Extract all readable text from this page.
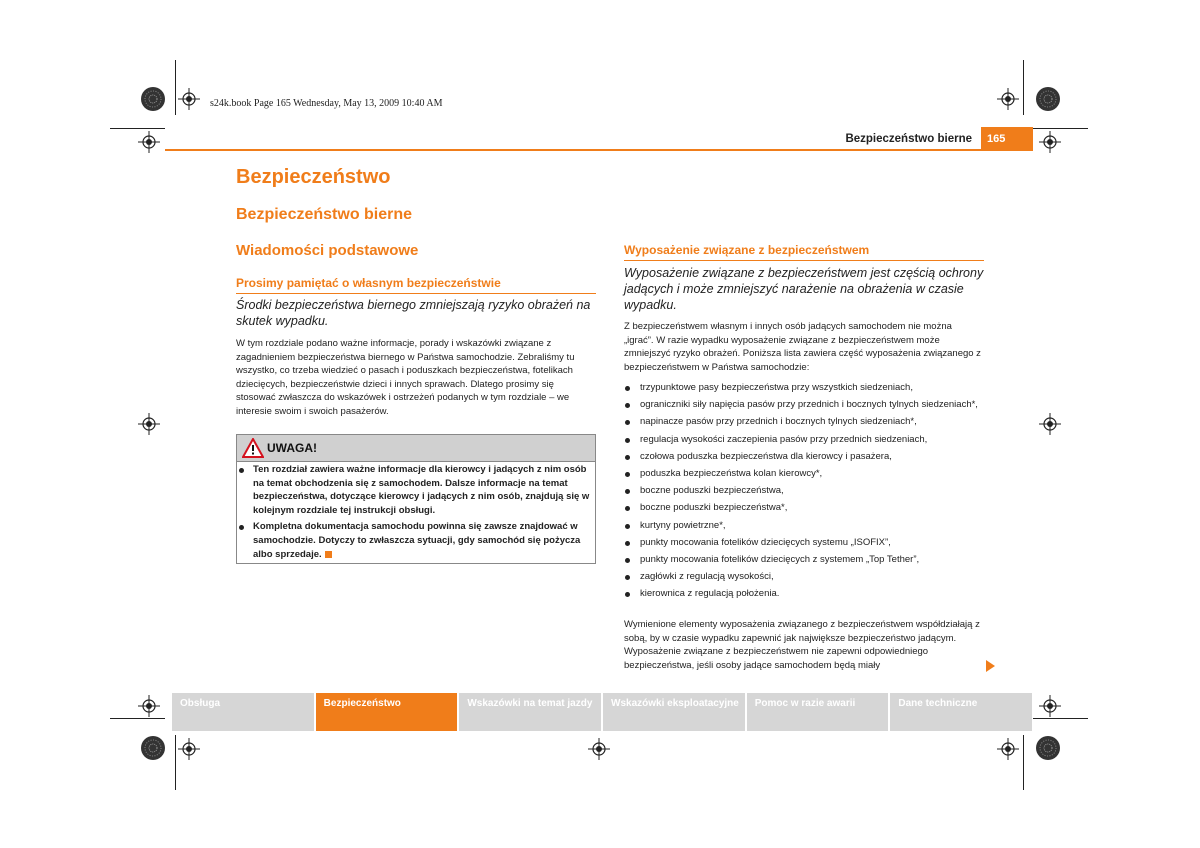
s24k.book Page 165 Wednesday, May 13, 2009 10:40 AM
Bezpieczeństwo bierne	165
Bezpieczeństwo
Bezpieczeństwo bierne
Wiadomości podstawowe
Prosimy pamiętać o własnym bezpieczeństwie
Środki bezpieczeństwa biernego zmniejszają ryzyko obrażeń na skutek wypadku.
W tym rozdziale podano ważne informacje, porady i wskazówki związane z zagadnieniem bezpieczeństwa biernego w Państwa samochodzie. Zebraliśmy tu wszystko, co trzeba wiedzieć o pasach i poduszkach bezpieczeństwa, fotelikach dziecięcych, bezpieczeństwie dzieci i innych sprawach. Dlatego prosimy się stosować zwłaszcza do wskazówek i ostrzeżeń podanych w tym rozdziale – we interesie swoim i swoich pasażerów.
UWAGA!
Ten rozdział zawiera ważne informacje dla kierowcy i jadących z nim osób na temat obchodzenia się z samochodem. Dalsze informacje na temat bezpieczeństwa, dotyczące kierowcy i jadących z nim osób, znajdują się w kolejnym rozdziale tej instrukcji obsługi.
Kompletna dokumentacja samochodu powinna się zawsze znajdować w samochodzie. Dotyczy to zwłaszcza sytuacji, gdy samochód się pożycza albo sprzedaje.
Wyposażenie związane z bezpieczeństwem
Wyposażenie związane z bezpieczeństwem jest częścią ochrony jadących i może zmniejszyć narażenie na obrażenia w czasie wypadku.
Z bezpieczeństwem własnym i innych osób jadących samochodem nie można „igrać”. W razie wypadku wyposażenie związane z bezpieczeństwem może zmniejszyć ryzyko obrażeń. Poniższa lista zawiera część wyposażenia związanego z bezpieczeństwem w Państwa samochodzie:
trzypunktowe pasy bezpieczeństwa przy wszystkich siedzeniach,
ograniczniki siły napięcia pasów przy przednich i bocznych tylnych siedzeniach*,
napinacze pasów przy przednich i bocznych tylnych siedzeniach*,
regulacja wysokości zaczepienia pasów przy przednich siedzeniach,
czołowa poduszka bezpieczeństwa dla kierowcy i pasażera,
poduszka bezpieczeństwa kolan kierowcy*,
boczne poduszki bezpieczeństwa,
boczne poduszki bezpieczeństwa*,
kurtyny powietrzne*,
punkty mocowania fotelików dziecięcych systemu „ISOFIX”,
punkty mocowania fotelików dziecięcych z systemem „Top Tether”,
zagłówki z regulacją wysokości,
kierownica z regulacją położenia.
Wymienione elementy wyposażenia związanego z bezpieczeństwem współdziałają z sobą, by w czasie wypadku zapewnić jak największe bezpieczeństwo jadącym. Wyposażenie związane z bezpieczeństwem nie zapewni odpowiedniego bezpieczeństwa, jeśli osoby jadące samochodem będą miały
Obsługa	Bezpieczeństwo	Wskazówki na temat jazdy	Wskazówki eksploatacyjne	Pomoc w razie awarii	Dane techniczne
